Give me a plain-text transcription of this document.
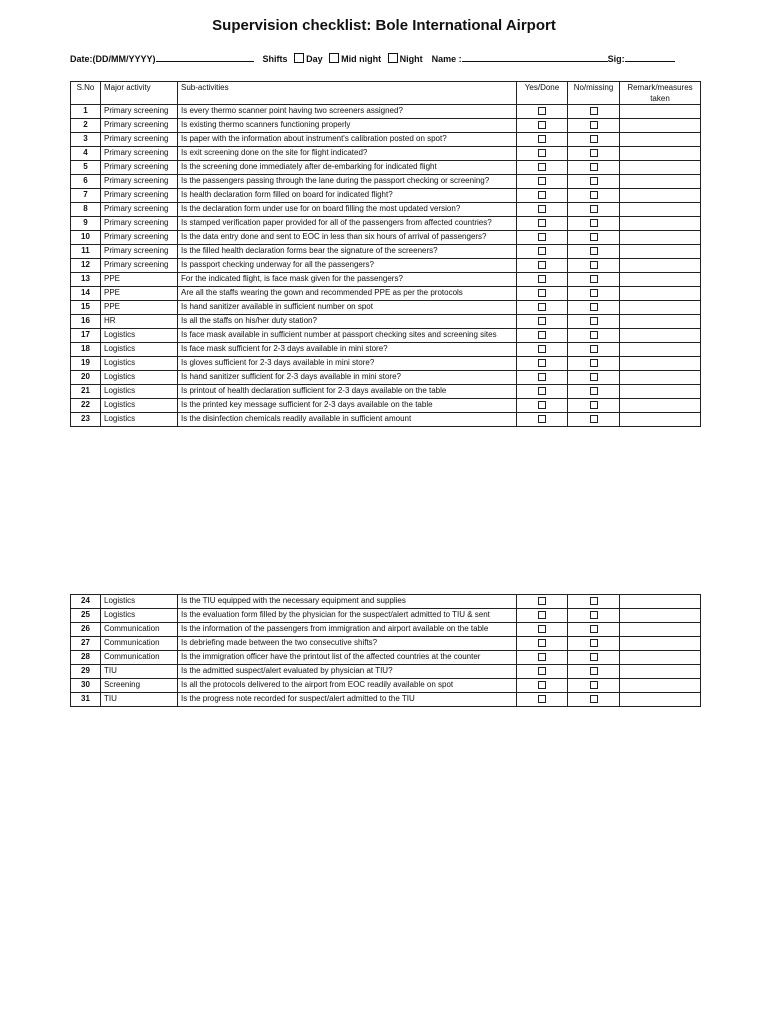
Supervision checklist: Bole International Airport
Date:(DD/MM/YYYY)	Shifts Day Mid night Night Name :	Sig:
S.No	Major activity	Sub-activities	Yes/Done	No/missing	Remark/measures taken
1	Primary screening	Is every thermo scanner point having two screeners assigned?			
2	Primary screening	Is existing thermo scanners functioning properly			
3	Primary screening	Is paper with the information about instrument's calibration posted on spot?			
4	Primary screening	Is exit screening done on the site for flight indicated?			
5	Primary screening	Is the screening done immediately after de-embarking for indicated flight			
6	Primary screening	Is the passengers passing through the lane during the passport checking or screening?			
7	Primary screening	Is health declaration form filled on board for indicated flight?			
8	Primary screening	Is the declaration form under use for on board filling the most updated version?			
9	Primary screening	Is stamped verification paper provided for all of the passengers from affected countries?			
10	Primary screening	Is the data entry done and sent to EOC in less than six hours of arrival of passengers?			
11	Primary screening	Is the filled health declaration forms bear the signature of the screeners?			
12	Primary screening	Is passport checking underway for all the passengers?			
13	PPE	For the indicated flight, is face mask given for the passengers?			
14	PPE	Are all the staffs wearing the gown and recommended PPE as per the protocols			
15	PPE	Is hand sanitizer available in sufficient number on spot			
16	HR	Is all the staffs on his/her duty station?			
17	Logistics	Is face mask available in sufficient number at passport checking sites and screening sites			
18	Logistics	Is face mask sufficient for 2-3 days available in mini store?			
19	Logistics	Is gloves sufficient for 2-3 days available in mini store?			
20	Logistics	Is hand sanitizer sufficient for 2-3 days available in mini store?			
21	Logistics	Is printout of health declaration sufficient for 2-3 days available on the table			
22	Logistics	Is the printed key message sufficient for 2-3 days available on the table			
23	Logistics	Is the disinfection chemicals readily available in sufficient amount			
24	Logistics	Is the TIU equipped with the necessary equipment and supplies			
25	Logistics	Is the evaluation form filled by the physician for the suspect/alert admitted to TIU & sent			
26	Communication	Is the information of the passengers from immigration and airport available on the table			
27	Communication	Is debriefing made between the two consecutive shifts?			
28	Communication	Is the immigration officer have the printout list of the affected countries at the counter			
29	TIU	Is the admitted suspect/alert evaluated by physician at TIU?			
30	Screening	Is all the protocols delivered to the airport from EOC readily available on spot			
31	TIU	Is the progress note recorded for suspect/alert admitted to the TIU			
